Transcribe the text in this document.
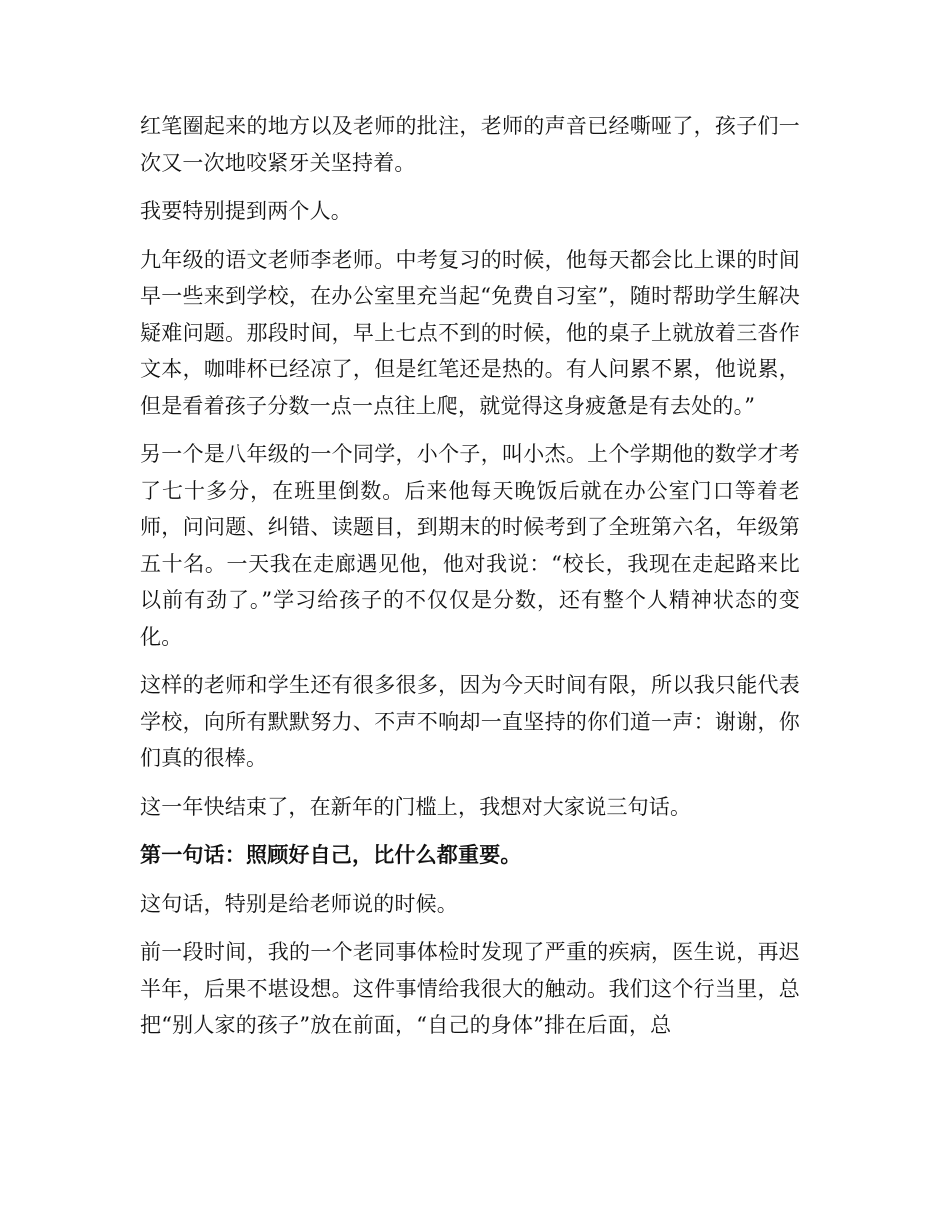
红笔圈起来的地方以及老师的批注，老师的声音已经嘶哑了，孩子们一次又一次地咬紧牙关坚持着。

我要特别提到两个人。

九年级的语文老师李老师。中考复习的时候，他每天都会比上课的时间早一些来到学校，在办公室里充当起“免费自习室”，随时帮助学生解决疑难问题。那段时间，早上七点不到的时候，他的桌子上就放着三沓作文本，咖啡杯已经凉了，但是红笔还是热的。有人问累不累，他说累，但是看着孩子分数一点一点往上爬，就觉得这身疲惫是有去处的。”

另一个是八年级的一个同学，小个子，叫小杰。上个学期他的数学才考了七十多分，在班里倒数。后来他每天晚饭后就在办公室门口等着老师，问问题、纠错、读题目，到期末的时候考到了全班第六名，年级第五十名。一天我在走廊遇见他，他对我说：“校长，我现在走起路来比以前有劲了。”学习给孩子的不仅仅是分数，还有整个人精神状态的变化。

这样的老师和学生还有很多很多，因为今天时间有限，所以我只能代表学校，向所有默默努力、不声不响却一直坚持的你们道一声：谢谢，你们真的很棒。

这一年快结束了，在新年的门槛上，我想对大家说三句话。

第一句话：照顾好自己，比什么都重要。

这句话，特别是给老师说的时候。

前一段时间，我的一个老同事体检时发现了严重的疾病，医生说，再迟半年，后果不堪设想。这件事情给我很大的触动。我们这个行当里，总把“别人家的孩子”放在前面，“自己的身体”排在后面，总
